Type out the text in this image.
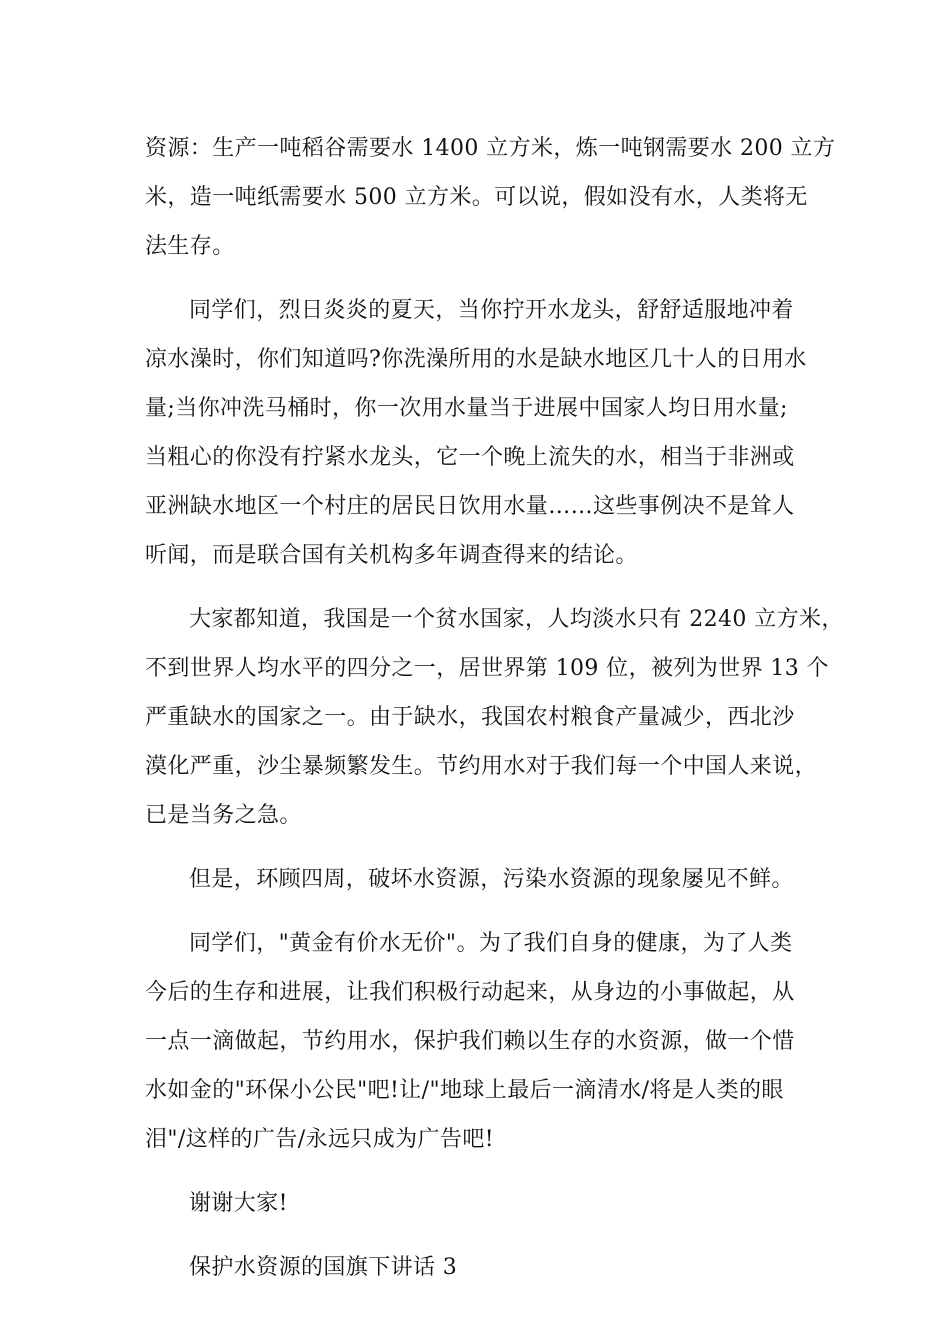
资源：生产一吨稻谷需要水 1400 立方米，炼一吨钢需要水 200 立方
米，造一吨纸需要水 500 立方米。可以说，假如没有水，人类将无
法生存。
同学们，烈日炎炎的夏天，当你拧开水龙头，舒舒适服地冲着
凉水澡时，你们知道吗?你洗澡所用的水是缺水地区几十人的日用水
量;当你冲洗马桶时，你一次用水量当于进展中国家人均日用水量;
当粗心的你没有拧紧水龙头，它一个晚上流失的水，相当于非洲或
亚洲缺水地区一个村庄的居民日饮用水量……这些事例决不是耸人
听闻，而是联合国有关机构多年调查得来的结论。
大家都知道，我国是一个贫水国家，人均淡水只有 2240 立方米，
不到世界人均水平的四分之一，居世界第 109 位，被列为世界 13 个
严重缺水的国家之一。由于缺水，我国农村粮食产量减少，西北沙
漠化严重，沙尘暴频繁发生。节约用水对于我们每一个中国人来说，
已是当务之急。
但是，环顾四周，破坏水资源，污染水资源的现象屡见不鲜。
同学们，"黄金有价水无价"。为了我们自身的健康，为了人类
今后的生存和进展，让我们积极行动起来，从身边的小事做起，从
一点一滴做起，节约用水，保护我们赖以生存的水资源，做一个惜
水如金的"环保小公民"吧!让/"地球上最后一滴清水/将是人类的眼
泪"/这样的广告/永远只成为广告吧!
谢谢大家!
保护水资源的国旗下讲话 3
